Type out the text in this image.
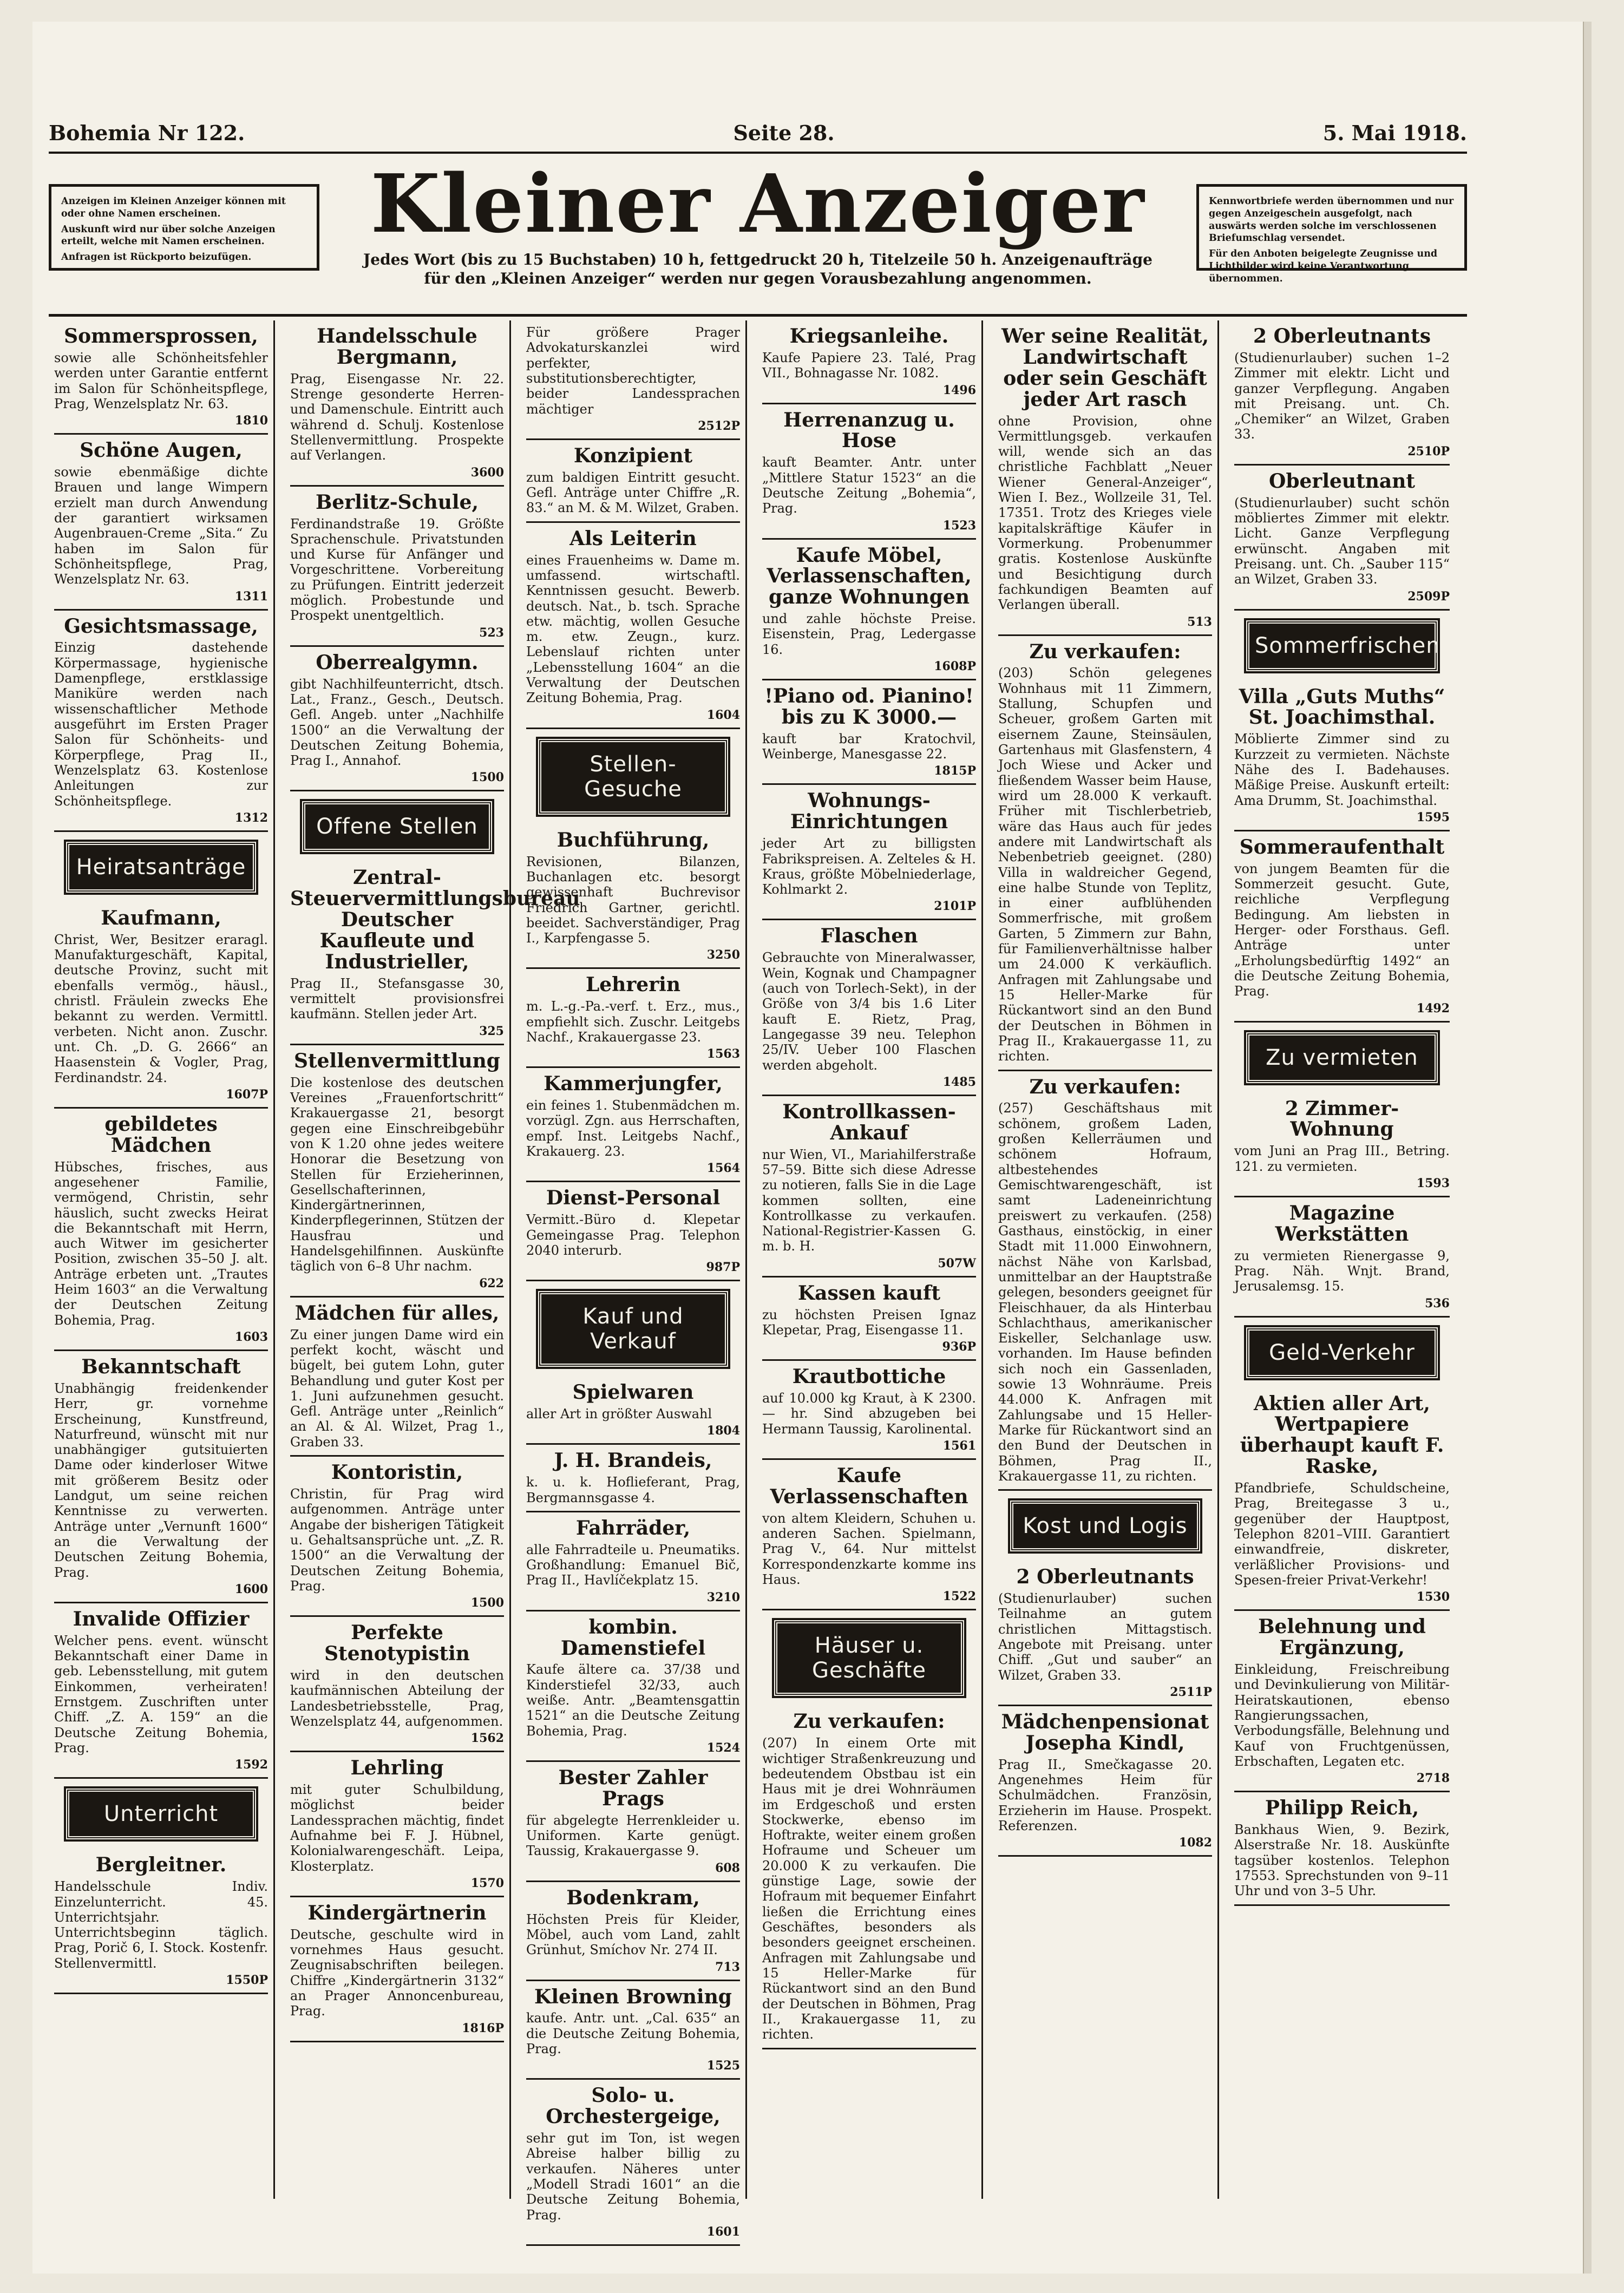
Bohemia Nr 122.	Seite 28.	5. Mai 1918.

Anzeigen im Kleinen Anzeiger können mit oder ohne Namen erscheinen.

Auskunft wird nur über solche Anzeigen erteilt, welche mit Namen erscheinen.

Anfragen ist Rückporto beizufügen.

Kleiner Anzeiger
Jedes Wort (bis zu 15 Buchstaben) 10 h, fettgedruckt 20 h, Titelzeile 50 h. Anzeigenaufträge für den „Kleinen Anzeiger“ werden nur gegen Vorausbezahlung angenommen.

Kennwortbriefe werden übernommen und nur gegen Anzeigeschein ausgefolgt, nach auswärts werden solche im verschlossenen Briefumschlag versendet.

Für den Anboten beigelegte Zeugnisse und Lichtbilder wird keine Verantwortung übernommen.

Sommersprossen,
sowie alle Schönheitsfehler werden unter Garantie entfernt im Salon für Schönheitspflege, Prag, Wenzelsplatz Nr. 63.
1810
Schöne Augen,
sowie ebenmäßige dichte Brauen und lange Wimpern erzielt man durch Anwendung der garantiert wirksamen Augenbrauen-Creme „Sita.“ Zu haben im Salon für Schönheitspflege, Prag, Wenzelsplatz Nr. 63.
1311
Gesichtsmassage,
Einzig dastehende Körpermassage, hygienische Damenpflege, erstklassige Maniküre werden nach wissenschaftlicher Methode ausgeführt im Ersten Prager Salon für Schönheits- und Körperpflege, Prag II., Wenzelsplatz 63. Kostenlose Anleitungen zur Schönheitspflege.
1312
Heiratsanträge
Kaufmann,
Christ, Wer, Besitzer eraragl. Manufakturgeschäft, Kapital, deutsche Provinz, sucht mit ebenfalls vermög., häusl., christl. Fräulein zwecks Ehe bekannt zu werden. Vermittl. verbeten. Nicht anon. Zuschr. unt. Ch. „D. G. 2666“ an Haasenstein & Vogler, Prag, Ferdinandstr. 24.
1607P
gebildetes Mädchen
Hübsches, frisches, aus angesehener Familie, vermögend, Christin, sehr häuslich, sucht zwecks Heirat die Bekanntschaft mit Herrn, auch Witwer im gesicherter Position, zwischen 35–50 J. alt. Anträge erbeten unt. „Trautes Heim 1603“ an die Verwaltung der Deutschen Zeitung Bohemia, Prag.
1603
Bekanntschaft
Unabhängig freidenkender Herr, gr. vornehme Erscheinung, Kunstfreund, Naturfreund, wünscht mit nur unabhängiger gutsituierten Dame oder kinderloser Witwe mit größerem Besitz oder Landgut, um seine reichen Kenntnisse zu verwerten. Anträge unter „Vernunft 1600“ an die Verwaltung der Deutschen Zeitung Bohemia, Prag.
1600
Invalide Offizier
Welcher pens. event. wünscht Bekanntschaft einer Dame in geb. Lebensstellung, mit gutem Einkommen, verheiraten! Ernstgem. Zuschriften unter Chiff. „Z. A. 159“ an die Deutsche Zeitung Bohemia, Prag.
1592
Unterricht
Bergleitner.
Handelsschule Indiv. Einzelunterricht. 45. Unterrichtsjahr. Unterrichtsbeginn täglich. Prag, Porič 6, I. Stock. Kostenfr. Stellenvermittl.
1550P
Handelsschule Bergmann,
Prag, Eisengasse Nr. 22. Strenge gesonderte Herren- und Damenschule. Eintritt auch während d. Schulj. Kostenlose Stellenvermittlung. Prospekte auf Verlangen.
3600
Berlitz-Schule,
Ferdinandstraße 19. Größte Sprachenschule. Privatstunden und Kurse für Anfänger und Vorgeschrittene. Vorbereitung zu Prüfungen. Eintritt jederzeit möglich. Probestunde und Prospekt unentgeltlich.
523
Oberrealgymn.
gibt Nachhilfeunterricht, dtsch. Lat., Franz., Gesch., Deutsch. Gefl. Angeb. unter „Nachhilfe 1500“ an die Verwaltung der Deutschen Zeitung Bohemia, Prag I., Annahof.
1500
Offene Stellen
Zentral-Steuervermittlungsbureau Deutscher Kaufleute und Industrieller,
Prag II., Stefansgasse 30, vermittelt provisionsfrei kaufmänn. Stellen jeder Art.
325
Stellenvermittlung
Die kostenlose des deutschen Vereines „Frauenfortschritt“ Krakauergasse 21, besorgt gegen eine Einschreibgebühr von K 1.20 ohne jedes weitere Honorar die Besetzung von Stellen für Erzieherinnen, Gesellschafterinnen, Kindergärtnerinnen, Kinderpflegerinnen, Stützen der Hausfrau und Handelsgehilfinnen. Auskünfte täglich von 6–8 Uhr nachm.
622
Mädchen für alles,
Zu einer jungen Dame wird ein perfekt kocht, wäscht und bügelt, bei gutem Lohn, guter Behandlung und guter Kost per 1. Juni aufzunehmen gesucht. Gefl. Anträge unter „Reinlich“ an Al. & Al. Wilzet, Prag 1., Graben 33.
Kontoristin,
Christin, für Prag wird aufgenommen. Anträge unter Angabe der bisherigen Tätigkeit u. Gehaltsansprüche unt. „Z. R. 1500“ an die Verwaltung der Deutschen Zeitung Bohemia, Prag.
1500
Perfekte Stenotypistin
wird in den deutschen kaufmännischen Abteilung der Landesbetriebsstelle, Prag, Wenzelsplatz 44, aufgenommen.
1562
Lehrling
mit guter Schulbildung, möglichst beider Landessprachen mächtig, findet Aufnahme bei F. J. Hübnel, Kolonialwarengeschäft. Leipa, Klosterplatz.
1570
Kindergärtnerin
Deutsche, geschulte wird in vornehmes Haus gesucht. Zeugnisabschriften beilegen. Chiffre „Kindergärtnerin 3132“ an Prager Annoncenbureau, Prag.
1816P
Für größere Prager Advokaturskanzlei wird perfekter, substitutionsberechtigter, beider Landessprachen mächtiger
2512P
Konzipient
zum baldigen Eintritt gesucht. Gefl. Anträge unter Chiffre „R. 83.“ an M. & M. Wilzet, Graben.
Als Leiterin
eines Frauenheims w. Dame m. umfassend. wirtschaftl. Kenntnissen gesucht. Bewerb. deutsch. Nat., b. tsch. Sprache etw. mächtig, wollen Gesuche m. etw. Zeugn., kurz. Lebenslauf richten unter „Lebensstellung 1604“ an die Verwaltung der Deutschen Zeitung Bohemia, Prag.
1604
Stellen-Gesuche
Buchführung,
Revisionen, Bilanzen, Buchanlagen etc. besorgt gewissenhaft Buchrevisor Friedrich Gartner, gerichtl. beeidet. Sachverständiger, Prag I., Karpfengasse 5.
3250
Lehrerin
m. L.-g.-Pa.-verf. t. Erz., mus., empfiehlt sich. Zuschr. Leitgebs Nachf., Krakauergasse 23.
1563
Kammerjungfer,
ein feines 1. Stubenmädchen m. vorzügl. Zgn. aus Herrschaften, empf. Inst. Leitgebs Nachf., Krakauerg. 23.
1564
Dienst-Personal
Vermitt.-Büro d. Klepetar Gemeingasse Prag. Telephon 2040 interurb.
987P
Kauf und Verkauf
Spielwaren
aller Art in größter Auswahl
1804
J. H. Brandeis,
k. u. k. Hoflieferant, Prag, Bergmannsgasse 4.
Fahrräder,
alle Fahrradteile u. Pneumatiks. Großhandlung: Emanuel Bič, Prag II., Havlíčekplatz 15.
3210
kombin. Damenstiefel
Kaufe ältere ca. 37/38 und Kinderstiefel 32/33, auch weiße. Antr. „Beamtensgattin 1521“ an die Deutsche Zeitung Bohemia, Prag.
1524
Bester Zahler Prags
für abgelegte Herrenkleider u. Uniformen. Karte genügt. Taussig, Krakauergasse 9.
608
Bodenkram,
Höchsten Preis für Kleider, Möbel, auch vom Land, zahlt Grünhut, Smíchov Nr. 274 II.
713
Kleinen Browning
kaufe. Antr. unt. „Cal. 635“ an die Deutsche Zeitung Bohemia, Prag.
1525
Solo- u. Orchestergeige,
sehr gut im Ton, ist wegen Abreise halber billig zu verkaufen. Näheres unter „Modell Stradi 1601“ an die Deutsche Zeitung Bohemia, Prag.
1601
Kriegsanleihe.
Kaufe Papiere 23. Talé, Prag VII., Bohnagasse Nr. 1082.
1496
Herrenanzug u. Hose
kauft Beamter. Antr. unter „Mittlere Statur 1523“ an die Deutsche Zeitung „Bohemia“, Prag.
1523
Kaufe Möbel, Verlassenschaften, ganze Wohnungen
und zahle höchste Preise. Eisenstein, Prag, Ledergasse 16.
1608P
!Piano od. Pianino! bis zu K 3000.—
kauft bar Kratochvil, Weinberge, Manesgasse 22.
1815P
Wohnungs-Einrichtungen
jeder Art zu billigsten Fabrikspreisen. A. Zelteles & H. Kraus, größte Möbelniederlage, Kohlmarkt 2.
2101P
Flaschen
Gebrauchte von Mineralwasser, Wein, Kognak und Champagner (auch von Torlech-Sekt), in der Größe von 3/4 bis 1.6 Liter kauft E. Rietz, Prag, Langegasse 39 neu. Telephon 25/IV. Ueber 100 Flaschen werden abgeholt.
1485
Kontrollkassen-Ankauf
nur Wien, VI., Mariahilferstraße 57–59. Bitte sich diese Adresse zu notieren, falls Sie in die Lage kommen sollten, eine Kontrollkasse zu verkaufen. National-Registrier-Kassen G. m. b. H.
507W
Kassen kauft
zu höchsten Preisen Ignaz Klepetar, Prag, Eisengasse 11.
936P
Krautbottiche
auf 10.000 kg Kraut, à K 2300.— hr. Sind abzugeben bei Hermann Taussig, Karolinental.
1561
Kaufe Verlassenschaften
von altem Kleidern, Schuhen u. anderen Sachen. Spielmann, Prag V., 64. Nur mittelst Korrespondenzkarte komme ins Haus.
1522
Häuser u. Geschäfte
Zu verkaufen:
(207) In einem Orte mit wichtiger Straßenkreuzung und bedeutendem Obstbau ist ein Haus mit je drei Wohnräumen im Erdgeschoß und ersten Stockwerke, ebenso im Hoftrakte, weiter einem großen Hofraume und Scheuer um 20.000 K zu verkaufen. Die günstige Lage, sowie der Hofraum mit bequemer Einfahrt ließen die Errichtung eines Geschäftes, besonders als besonders geeignet erscheinen. Anfragen mit Zahlungsabe und 15 Heller-Marke für Rückantwort sind an den Bund der Deutschen in Böhmen, Prag II., Krakauergasse 11, zu richten.
Wer seine Realität, Landwirtschaft oder sein Geschäft jeder Art rasch
ohne Provision, ohne Vermittlungsgeb. verkaufen will, wende sich an das christliche Fachblatt „Neuer Wiener General-Anzeiger“, Wien I. Bez., Wollzeile 31, Tel. 17351. Trotz des Krieges viele kapitalskräftige Käufer in Vormerkung. Probenummer gratis. Kostenlose Auskünfte und Besichtigung durch fachkundigen Beamten auf Verlangen überall.
513
Zu verkaufen:
(203) Schön gelegenes Wohnhaus mit 11 Zimmern, Stallung, Schupfen und Scheuer, großem Garten mit eisernem Zaune, Steinsäulen, Gartenhaus mit Glasfenstern, 4 Joch Wiese und Acker und fließendem Wasser beim Hause, wird um 28.000 K verkauft. Früher mit Tischlerbetrieb, wäre das Haus auch für jedes andere mit Landwirtschaft als Nebenbetrieb geeignet. (280) Villa in waldreicher Gegend, eine halbe Stunde von Teplitz, in einer aufblühenden Sommerfrische, mit großem Garten, 5 Zimmern zur Bahn, für Familienverhältnisse halber um 24.000 K verkäuflich. Anfragen mit Zahlungsabe und 15 Heller-Marke für Rückantwort sind an den Bund der Deutschen in Böhmen in Prag II., Krakauergasse 11, zu richten.
Zu verkaufen:
(257) Geschäftshaus mit schönem, großem Laden, großen Kellerräumen und schönem Hofraum, altbestehendes Gemischtwarengeschäft, ist samt Ladeneinrichtung preiswert zu verkaufen. (258) Gasthaus, einstöckig, in einer Stadt mit 11.000 Einwohnern, nächst Nähe von Karlsbad, unmittelbar an der Hauptstraße gelegen, besonders geeignet für Fleischhauer, da als Hinterbau Schlachthaus, amerikanischer Eiskeller, Selchanlage usw. vorhanden. Im Hause befinden sich noch ein Gassenladen, sowie 13 Wohnräume. Preis 44.000 K. Anfragen mit Zahlungsabe und 15 Heller-Marke für Rückantwort sind an den Bund der Deutschen in Böhmen, Prag II., Krakauergasse 11, zu richten.
Kost und Logis
2 Oberleutnants
(Studienurlauber) suchen Teilnahme an gutem christlichen Mittagstisch. Angebote mit Preisang. unter Chiff. „Gut und sauber“ an Wilzet, Graben 33.
2511P
Mädchenpensionat Josepha Kindl,
Prag II., Smečkagasse 20. Angenehmes Heim für Schulmädchen. Französin, Erzieherin im Hause. Prospekt. Referenzen.
1082
2 Oberleutnants
(Studienurlauber) suchen 1–2 Zimmer mit elektr. Licht und ganzer Verpflegung. Angaben mit Preisang. unt. Ch. „Chemiker“ an Wilzet, Graben 33.
2510P
Oberleutnant
(Studienurlauber) sucht schön möbliertes Zimmer mit elektr. Licht. Ganze Verpflegung erwünscht. Angaben mit Preisang. unt. Ch. „Sauber 115“ an Wilzet, Graben 33.
2509P
Sommerfrischen
Villa „Guts Muths“ St. Joachimsthal.
Möblierte Zimmer sind zu Kurzzeit zu vermieten. Nächste Nähe des I. Badehauses. Mäßige Preise. Auskunft erteilt: Ama Drumm, St. Joachimsthal.
1595
Sommeraufenthalt
von jungem Beamten für die Sommerzeit gesucht. Gute, reichliche Verpflegung Bedingung. Am liebsten in Herger- oder Forsthaus. Gefl. Anträge unter „Erholungsbedürftig 1492“ an die Deutsche Zeitung Bohemia, Prag.
1492
Zu vermieten
2 Zimmer-Wohnung
vom Juni an Prag III., Betring. 121. zu vermieten.
1593
Magazine Werkstätten
zu vermieten Rienergasse 9, Prag. Näh. Wnjt. Brand, Jerusalemsg. 15.
536
Geld-Verkehr
Aktien aller Art, Wertpapiere überhaupt kauft F. Raske,
Pfandbriefe, Schuldscheine, Prag, Breitegasse 3 u., gegenüber der Hauptpost, Telephon 8201–VIII. Garantiert einwandfreie, diskreter, verläßlicher Provisions- und Spesen-freier Privat-Verkehr!
1530
Belehnung und Ergänzung,
Einkleidung, Freischreibung und Devinkulierung von Militär-Heiratskautionen, ebenso Rangierungssachen, Verbodungsfälle, Belehnung und Kauf von Fruchtgenüssen, Erbschaften, Legaten etc.
2718
Philipp Reich,
Bankhaus Wien, 9. Bezirk, Alserstraße Nr. 18. Auskünfte tagsüber kostenlos. Telephon 17553. Sprechstunden von 9–11 Uhr und von 3–5 Uhr.
